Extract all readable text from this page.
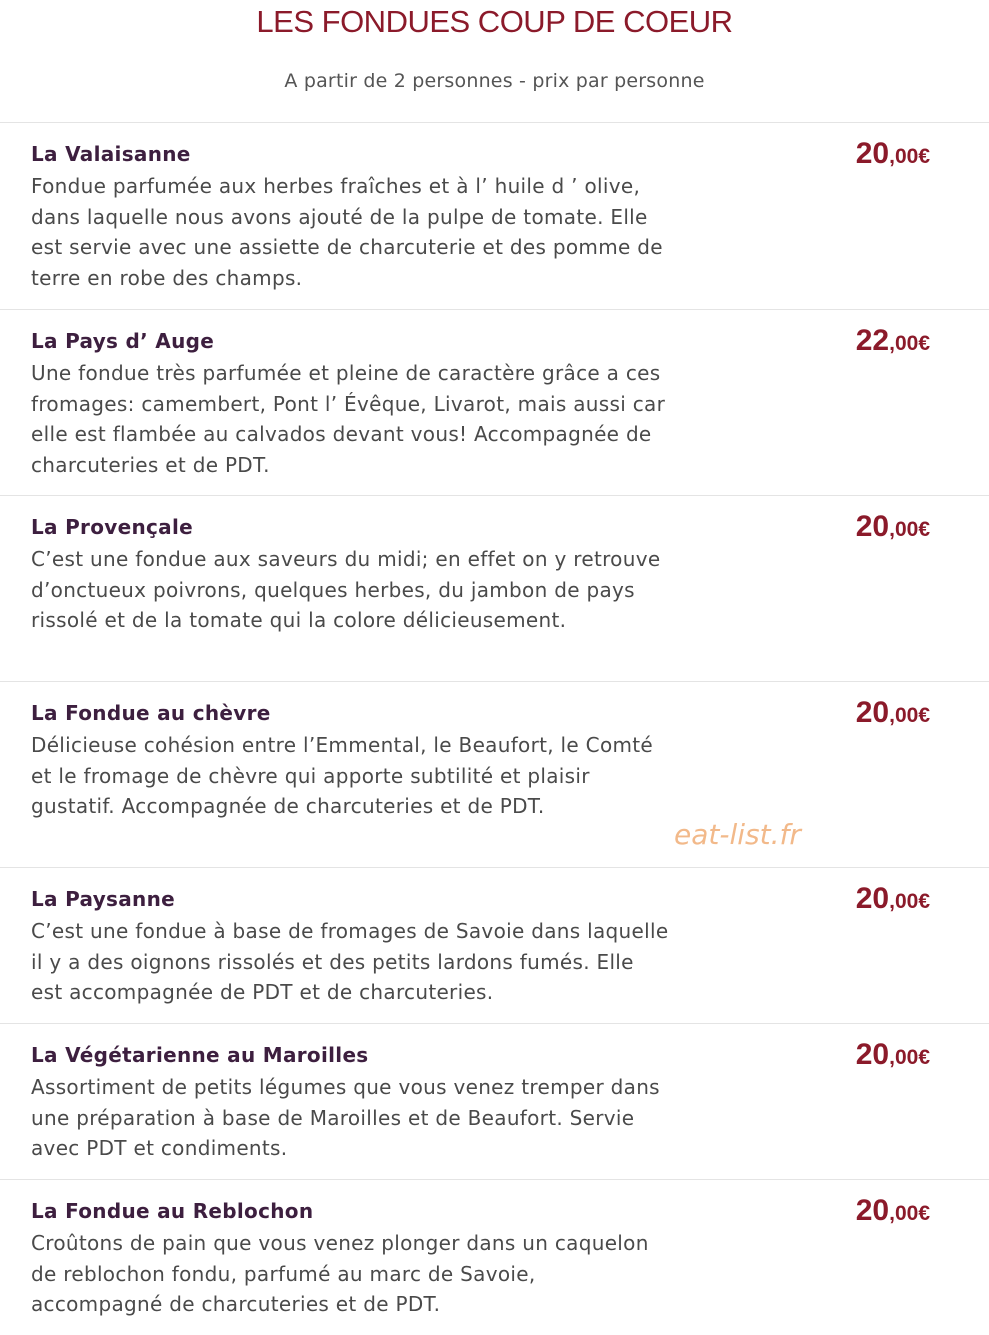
LES FONDUES COUP DE COEUR
A partir de 2 personnes - prix par personne
La Valaisanne
Fondue parfumée aux herbes fraîches et à l’ huile d ’ olive, dans laquelle nous avons ajouté de la pulpe de tomate. Elle est servie avec une assiette de charcuterie et des pomme de terre en robe des champs.
20,00€
La Pays d’ Auge
Une fondue très parfumée et pleine de caractère grâce a ces fromages: camembert, Pont l’ Évêque, Livarot, mais aussi car elle est flambée au calvados devant vous! Accompagnée de charcuteries et de PDT.
22,00€
La Provençale
C’est une fondue aux saveurs du midi; en effet on y retrouve d’onctueux poivrons, quelques herbes, du jambon de pays rissolé et de la tomate qui la colore délicieusement.
20,00€
La Fondue au chèvre
Délicieuse cohésion entre l’Emmental, le Beaufort, le Comté et le fromage de chèvre qui apporte subtilité et plaisir gustatif. Accompagnée de charcuteries et de PDT.
20,00€
La Paysanne
C’est une fondue à base de fromages de Savoie dans laquelle il y a des oignons rissolés et des petits lardons fumés. Elle est accompagnée de PDT et de charcuteries.
20,00€
La Végétarienne au Maroilles
Assortiment de petits légumes que vous venez tremper dans une préparation à base de Maroilles et de Beaufort. Servie avec PDT et condiments.
20,00€
La Fondue au Reblochon
Croûtons de pain que vous venez plonger dans un caquelon de reblochon fondu, parfumé au marc de Savoie, accompagné de charcuteries et de PDT.
20,00€
eat-list.fr
